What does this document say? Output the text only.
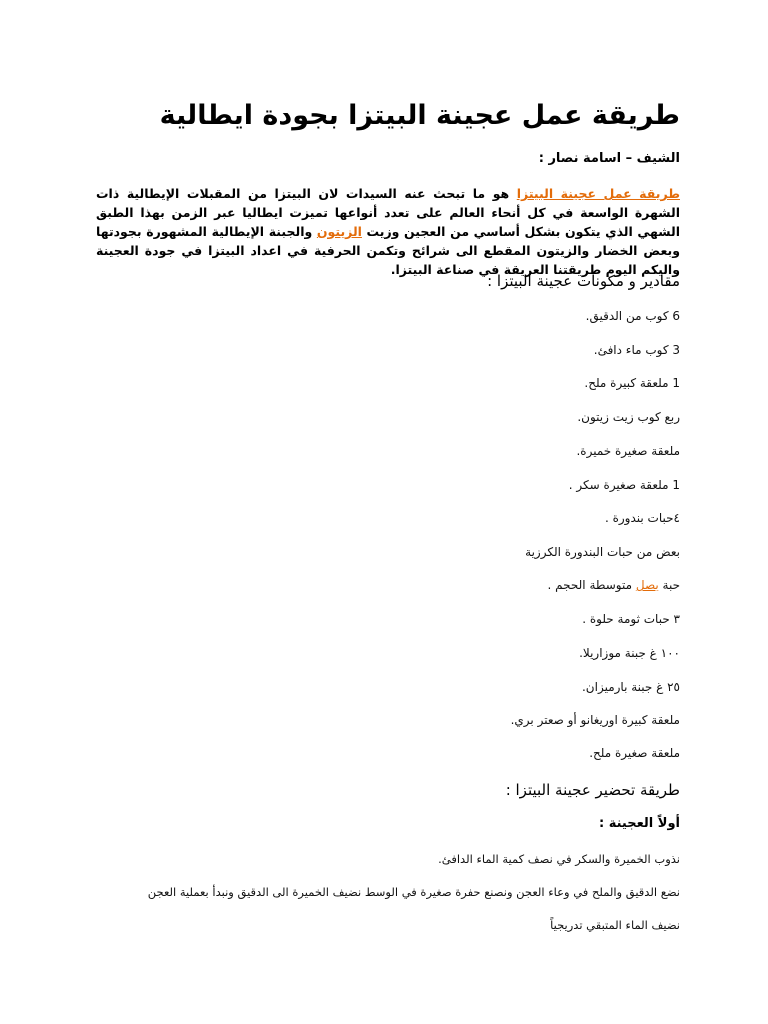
طريقة عمل عجينة البيتزا بجودة ايطالية
الشيف – اسامة نصار :
طريقة عمل عجينة البيتزا هو ما تبحث عنه السيدات لان البيتزا من المقبلات الإيطالية ذات الشهرة الواسعة في كل أنحاء العالم على تعدد أنواعها تميزت ايطاليا عبر الزمن بهذا الطبق الشهي الذي يتكون بشكل أساسي من العجين وزيت الزيتون والجبنة الإيطالية المشهورة بجودتها وبعض الخضار والزيتون المقطع الى شرائح وتكمن الحرفية في اعداد البيتزا في جودة العجينة واليكم اليوم طريقتنا العريقة في صناعة البيتزا.
مقادير و مكونات عجينة البيتزا :
6 كوب من الدقيق.
3 كوب ماء دافئ.
1 ملعقة كبيرة ملح.
ربع كوب زيت زيتون.
ملعقة صغيرة خميرة.
1 ملعقة صغيرة سكر .
٤حبات بندورة .
بعض من حبات البندورة الكرزية
حبة بصل متوسطة الحجم .
٣ حبات ثومة حلوة .
١٠٠ غ جبنة موزاريلا.
٢٥ غ جبنة بارميزان.
ملعقة كبيرة اوريغانو أو صعتر بري.
ملعقة صغيرة ملح.
طريقة تحضير عجينة البيتزا :
أولاً العجينة :
نذوب الخميرة والسكر في نصف كمية الماء الدافئ.
نضع الدقيق والملح في وعاء العجن ونصنع حفرة صغيرة في الوسط نضيف الخميرة الى الدقيق ونبدأ بعملية العجن
نضيف الماء المتبقي تدريجياً
